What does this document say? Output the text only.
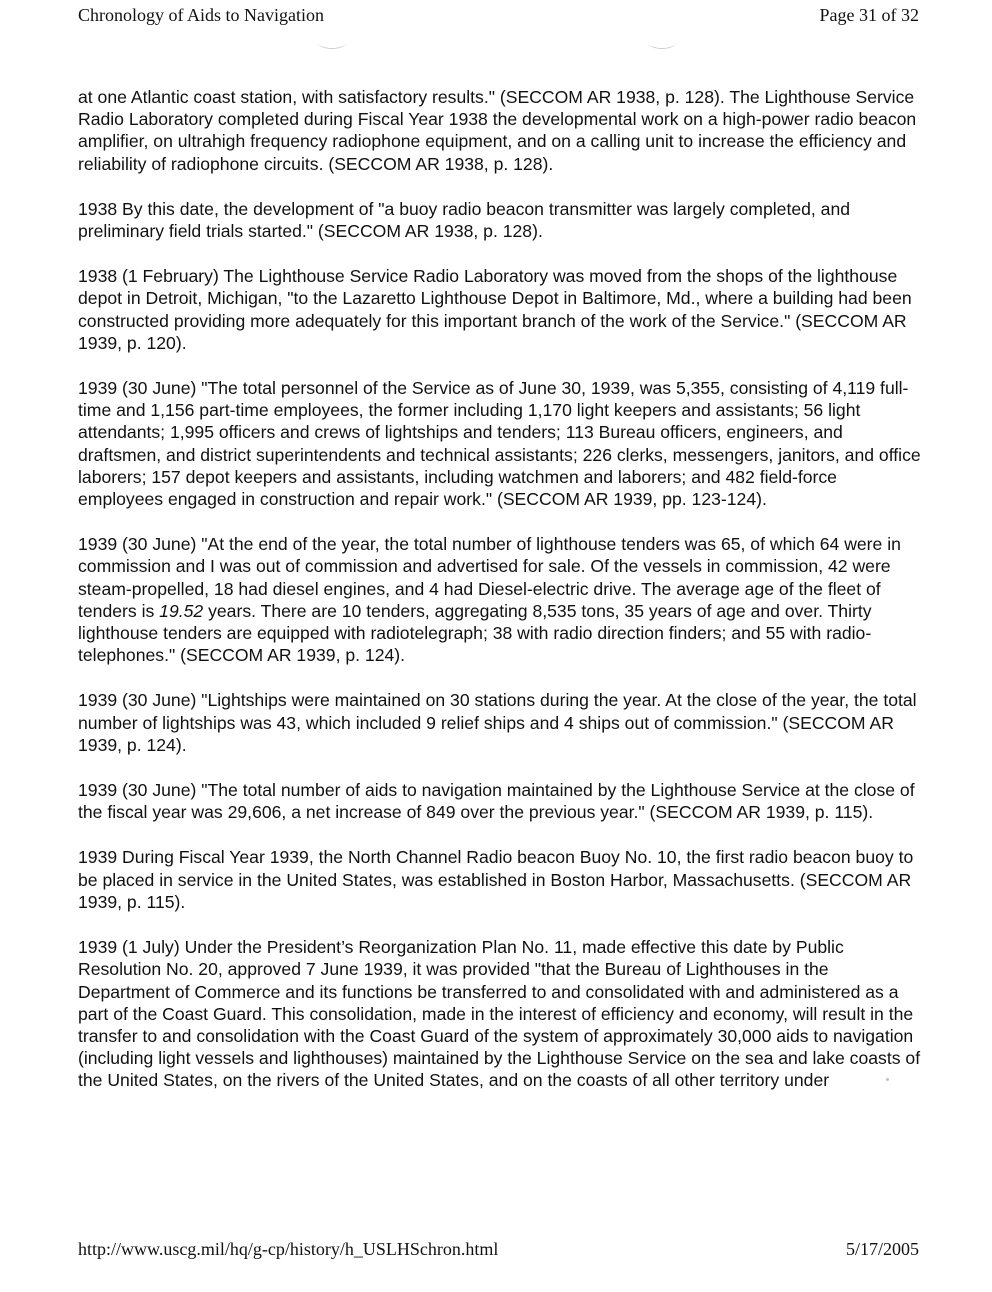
Chronology of Aids to Navigation	Page 31 of 32

at one Atlantic coast station, with satisfactory results." (SECCOM AR 1938, p. 128). The Lighthouse Service Radio Laboratory completed during Fiscal Year 1938 the developmental work on a high-power radio beacon amplifier, on ultrahigh frequency radiophone equipment, and on a calling unit to increase the efficiency and reliability of radiophone circuits. (SECCOM AR 1938, p. 128).

1938 By this date, the development of "a buoy radio beacon transmitter was largely completed, and preliminary field trials started." (SECCOM AR 1938, p. 128).

1938 (1 February) The Lighthouse Service Radio Laboratory was moved from the shops of the lighthouse depot in Detroit, Michigan, "to the Lazaretto Lighthouse Depot in Baltimore, Md., where a building had been constructed providing more adequately for this important branch of the work of the Service." (SECCOM AR 1939, p. 120).

1939 (30 June) "The total personnel of the Service as of June 30, 1939, was 5,355, consisting of 4,119 full-time and 1,156 part-time employees, the former including 1,170 light keepers and assistants; 56 light attendants; 1,995 officers and crews of lightships and tenders; 113 Bureau officers, engineers, and draftsmen, and district superintendents and technical assistants; 226 clerks, messengers, janitors, and office laborers; 157 depot keepers and assistants, including watchmen and laborers; and 482 field-force employees engaged in construction and repair work." (SECCOM AR 1939, pp. 123-124).

1939 (30 June) "At the end of the year, the total number of lighthouse tenders was 65, of which 64 were in commission and I was out of commission and advertised for sale. Of the vessels in commission, 42 were steam-propelled, 18 had diesel engines, and 4 had Diesel-electric drive. The average age of the fleet of tenders is 19.52 years. There are 10 tenders, aggregating 8,535 tons, 35 years of age and over. Thirty lighthouse tenders are equipped with radiotelegraph; 38 with radio direction finders; and 55 with radio-telephones." (SECCOM AR 1939, p. 124).

1939 (30 June) "Lightships were maintained on 30 stations during the year. At the close of the year, the total number of lightships was 43, which included 9 relief ships and 4 ships out of commission." (SECCOM AR 1939, p. 124).

1939 (30 June) "The total number of aids to navigation maintained by the Lighthouse Service at the close of the fiscal year was 29,606, a net increase of 849 over the previous year." (SECCOM AR 1939, p. 115).

1939 During Fiscal Year 1939, the North Channel Radio beacon Buoy No. 10, the first radio beacon buoy to be placed in service in the United States, was established in Boston Harbor, Massachusetts. (SECCOM AR 1939, p. 115).

1939 (1 July) Under the President’s Reorganization Plan No. 11, made effective this date by Public Resolution No. 20, approved 7 June 1939, it was provided "that the Bureau of Lighthouses in the Department of Commerce and its functions be transferred to and consolidated with and administered as a part of the Coast Guard. This consolidation, made in the interest of efficiency and economy, will result in the transfer to and consolidation with the Coast Guard of the system of approximately 30,000 aids to navigation (including light vessels and lighthouses) maintained by the Lighthouse Service on the sea and lake coasts of the United States, on the rivers of the United States, and on the coasts of all other territory under

http://www.uscg.mil/hq/g-cp/history/h_USLHSchron.html	5/17/2005
